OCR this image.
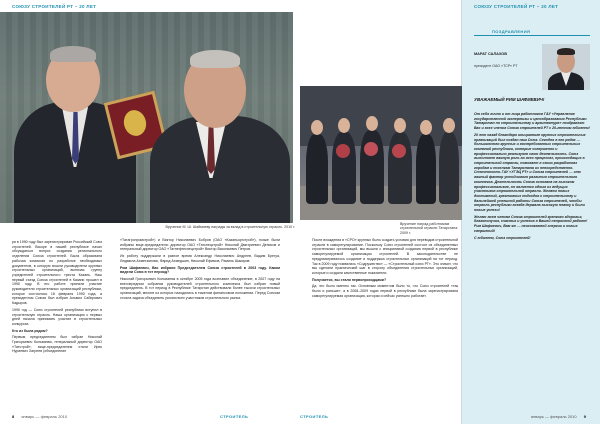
СОЮЗУ СТРОИТЕЛЕЙ РТ – 20 ЛЕТ
Вручение М. Ш. Шаймиеву награды за вклад в строительную отрасль. 2010 г.
Вручение наград работникам строительной отрасли Татарстана. 2009 г.

ря в 1990 году был зарегистрирован Российский Союз строителей. Вскоре в нашей республике начал обсуждаться вопрос создания регионального отделения Союза строителей. Была образована рабочая комиссия по разработке необходимых документов, в которую вошли руководители крупных строительных организаций, включая группу учредителей строительного треста Казань. Наш первый съезд Союза строителей в Казани прошел в 1990 году. В его работе приняли участие руководители строительных организаций республики, которое состоялось 18 февраля 1990 года, а президентом Союза был избран Альмиз Сабирович Кадыров.

1990 год — Союз строителей республики вступил в строительную отрасль. Наша организация с первых дней начала принимать участие в строительных конкурсах.

Кто из была рядом?

Первым председателем был избран Николай Григорьевич Кольванюк, генеральный директор ОАО «Татстрой», вице-председателем стали Ирек Нуриевич Загреев (объединение

«Татагропромстрой») и Виктор Николаевич Бобров (ОАО «Казаньоргстрой»), позже были избраны вице-председатели: директор ОАО «Татспецстрой» Николай Дмитриевич Денисов и генеральный директор ОАО «Татнефтеспецстрой» Виктор Васильевич Петров.

Их работу поддержали в разное время Александр Николаевич Андреев, Вадим Брегуа, Людмила Ахметзянова, Фарид Ахмедшин, Николай Ефимов, Рамиль Шакиров.

Рим Шафиевич, Вас избрали Председателем Союза строителей в 2003 году. Каким видели Союз в тот период?

Николай Григорьевич Кольванюк в октябре 2005 года возглавил объединение, в 2007 году на внеочередном собрании руководителей строительного комплекса был избран новый председатель. В тот период в Республике Татарстан действовали более тысячи строительных организаций, многие из которых находились в тяжелом финансовом положении. Перед Союзом стояла задача объединить усилия всех участников строительного рынка.

После вхождения в «СРО» крупных было создать условия для переводов строительной отрасли в саморегулирование. Поскольку Союз строителей состоит из объединенных строительных организаций, мы вышли с инициативой создания первой в республике саморегулируемой организации строителей. В законодательстве не предусматривалось создание и поддержка строительных организаций на тот период. Так в 2009 году появились «Содружество» — «Строительный союз РТ». Это значит, что мы сделали практический шаг в сторону объединения строительных организаций, которые и создали качественные показатели.

Получается, вы стали первопроходцами?

Да, это было именно так. Основным моментом было то, что Союз строителей «так было и раньше», а в 2008–2009 годах первой в республике была зарегистрирована саморегулируемая организация, которая и сейчас успешно работает.

8 январь — февраль 2010	СТРОИТЕЛЬ	СТРОИТЕЛЬ
СОЮЗУ СТРОИТЕЛЕЙ РТ – 20 ЛЕТ
ПОЗДРАВЛЕНИЯ
МАРАТ САЛАХОВ
президент ОАО «ТСР» РТ
УВАЖАЕМЫЙ РИМ ШАФИЕВИЧ!

От себя лично и от лица работников ГАУ «Управление государственной экспертизы и ценообразования Республики Татарстан по строительству и архитектуре» поздравляю Вас и всех членов Союза строителей РТ с 20-летним юбилеем!

20 лет назад благодаря инициативе крупных строительных организаций был создан наш Союз. Сегодня в его рядах — большинство крупных и востребованных строительных компаний республики, которые совершенно и профессионально реализуют свою деятельность. Союз выполняет важную роль во всех процессах, происходящих в строительной отрасли, помогает в своих разработках городам и поселкам Татарстана их непосредственно. Сплоченность ГАУ «УГЭЦ РТ» и Союза строителей — это важный фактор устойчивого развития строительного комплекса. Деятельность Союза основана на высоком профессионализме, он является одним из ведущих участников строительной отрасли. Желаем новых достижений, креативных подходов к строительству и дальнейшей успешной работы Союза строителей, чтобы отрасль республики всегда держала высокую планку и были новые успехи!

Желаю всем членам Союза строителей крепкого здоровья, благополучия, счастья и успехов в Вашей непростой работе! Рим Шафиевич, Вам же — неиссякаемой энергии и новых свершений!

С юбилеем, Союз строителей!

январь — февраль 2010 9
